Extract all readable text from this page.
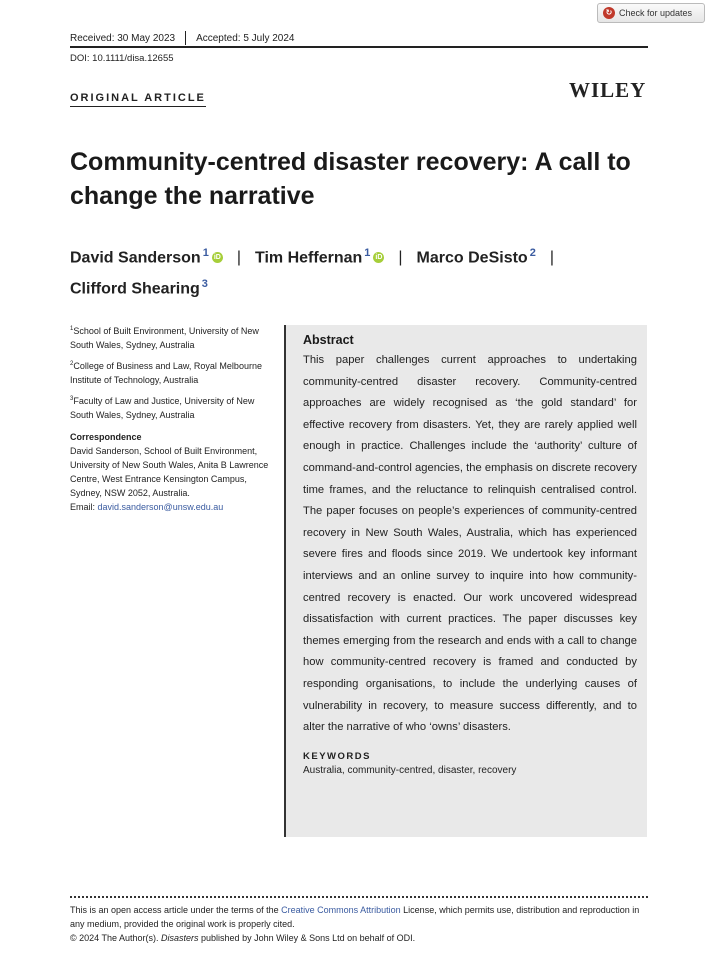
↻ Check for updates
Received: 30 May 2023 Accepted: 5 July 2024
DOI: 10.1111/disa.12655
ORIGINAL ARTICLE	WILEY
Community-centred disaster recovery: A call to change the narrative
David Sanderson $^1$ iD | Tim Heffernan $^1$ iD | Marco DeSisto $^2$ |
Clifford Shearing $^3$

$^1$School of Built Environment, University of New South Wales, Sydney, Australia

$^2$College of Business and Law, Royal Melbourne Institute of Technology, Australia

$^3$Faculty of Law and Justice, University of New South Wales, Sydney, Australia

Correspondence
David Sanderson, School of Built Environment, University of New South Wales, Anita B Lawrence Centre, West Entrance Kensington Campus, Sydney, NSW 2052, Australia.
Email: david.sanderson@unsw.edu.au
Abstract
This paper challenges current approaches to undertaking community-centred disaster recovery. Community-centred approaches are widely recognised as ‘the gold standard’ for effective recovery from disasters. Yet, they are rarely applied well enough in practice. Challenges include the ‘authority’ culture of command-and-control agencies, the emphasis on discrete recovery time frames, and the reluctance to relinquish centralised control. The paper focuses on people’s experiences of community-centred recovery in New South Wales, Australia, which has experienced severe fires and floods since 2019. We undertook key informant interviews and an online survey to inquire into how community-centred recovery is enacted. Our work uncovered widespread dissatisfaction with current practices. The paper discusses key themes emerging from the research and ends with a call to change how community-centred recovery is framed and conducted by responding organisations, to include the underlying causes of vulnerability in recovery, to measure success differently, and to alter the narrative of who ‘owns’ disasters.
KEYWORDS
Australia, community-centred, disaster, recovery
This is an open access article under the terms of the Creative Commons Attribution License, which permits use, distribution and reproduction in any medium, provided the original work is properly cited.
© 2024 The Author(s). Disasters published by John Wiley & Sons Ltd on behalf of ODI.
